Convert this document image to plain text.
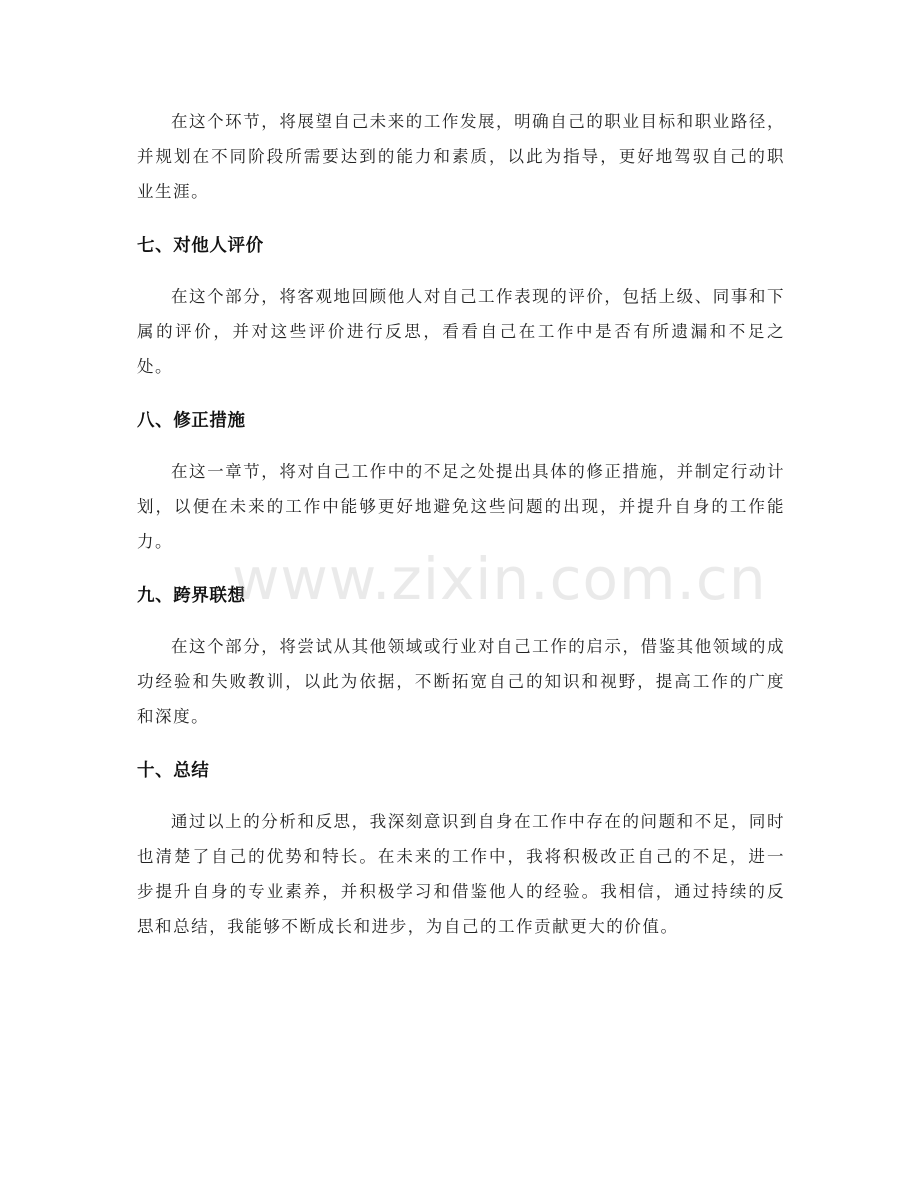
在这个环节，将展望自己未来的工作发展，明确自己的职业目标和职业路径，并规划在不同阶段所需要达到的能力和素质，以此为指导，更好地驾驭自己的职业生涯。

七、对他人评价

在这个部分，将客观地回顾他人对自己工作表现的评价，包括上级、同事和下属的评价，并对这些评价进行反思，看看自己在工作中是否有所遗漏和不足之处。

八、修正措施

在这一章节，将对自己工作中的不足之处提出具体的修正措施，并制定行动计划，以便在未来的工作中能够更好地避免这些问题的出现，并提升自身的工作能力。

九、跨界联想

在这个部分，将尝试从其他领域或行业对自己工作的启示，借鉴其他领域的成功经验和失败教训，以此为依据，不断拓宽自己的知识和视野，提高工作的广度和深度。

十、总结

通过以上的分析和反思，我深刻意识到自身在工作中存在的问题和不足，同时也清楚了自己的优势和特长。在未来的工作中，我将积极改正自己的不足，进一步提升自身的专业素养，并积极学习和借鉴他人的经验。我相信，通过持续的反思和总结，我能够不断成长和进步，为自己的工作贡献更大的价值。

www.zixin.com.cn
